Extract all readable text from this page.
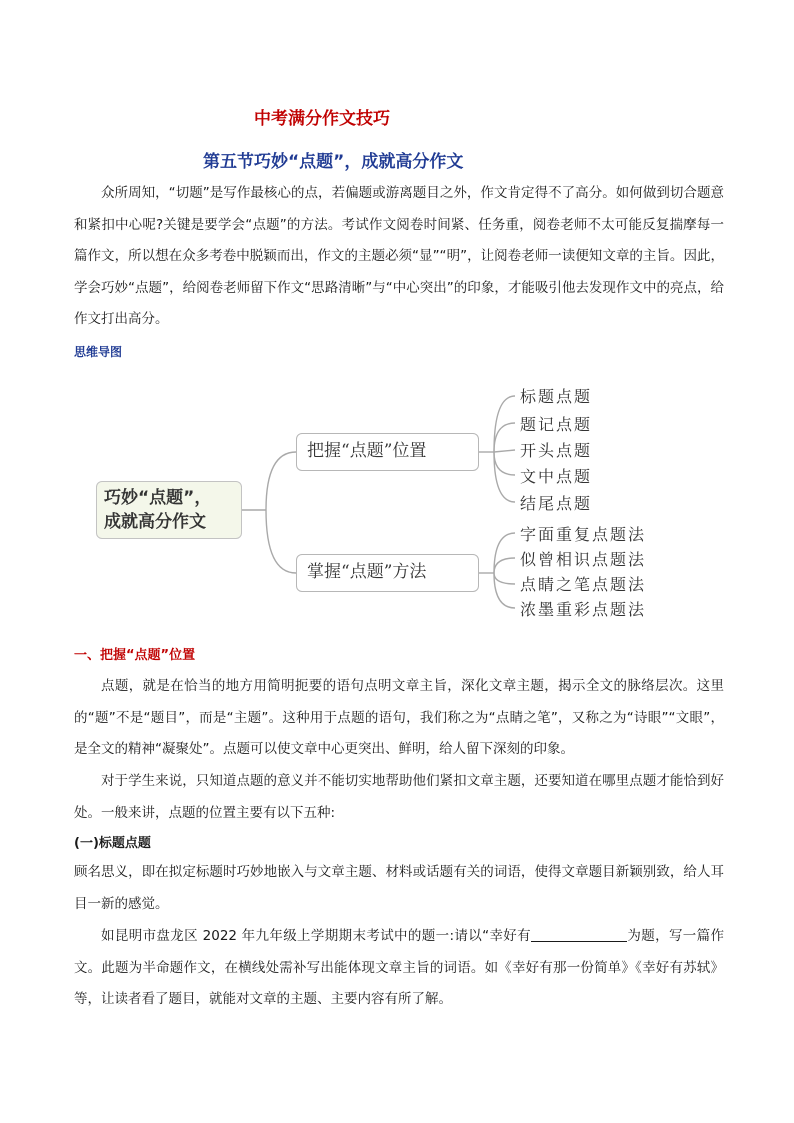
中考满分作文技巧
第五节巧妙“点题”，成就高分作文
众所周知，“切题”是写作最核心的点，若偏题或游离题目之外，作文肯定得不了高分。如何做到切合题意和紧扣中心呢?关键是要学会“点题”的方法。考试作文阅卷时间紧、任务重，阅卷老师不太可能反复揣摩每一篇作文，所以想在众多考卷中脱颖而出，作文的主题必须“显”“明”，让阅卷老师一读便知文章的主旨。因此，学会巧妙“点题”，给阅卷老师留下作文“思路清晰”与“中心突出”的印象，才能吸引他去发现作文中的亮点，给作文打出高分。
思维导图
巧妙“点题”，
成就高分作文
把握“点题”位置
掌握“点题”方法
标题点题
题记点题
开头点题
文中点题
结尾点题
字面重复点题法
似曾相识点题法
点睛之笔点题法
浓墨重彩点题法
一、把握“点题”位置
点题，就是在恰当的地方用简明扼要的语句点明文章主旨，深化文章主题，揭示全文的脉络层次。这里的“题”不是“题目”，而是“主题”。这种用于点题的语句，我们称之为“点睛之笔”，又称之为“诗眼”“文眼”，是全文的精神“凝聚处”。点题可以使文章中心更突出、鲜明，给人留下深刻的印象。
对于学生来说，只知道点题的意义并不能切实地帮助他们紧扣文章主题，还要知道在哪里点题才能恰到好处。一般来讲，点题的位置主要有以下五种:
(一)标题点题
顾名思义，即在拟定标题时巧妙地嵌入与文章主题、材料或话题有关的词语，使得文章题目新颖别致，给人耳目一新的感觉。
如昆明市盘龙区 2022 年九年级上学期期末考试中的题一:请以“幸好有	为题，写一篇作文。此题为半命题作文，在横线处需补写出能体现文章主旨的词语。如《幸好有那一份简单》《幸好有苏轼》等，让读者看了题目，就能对文章的主题、主要内容有所了解。
